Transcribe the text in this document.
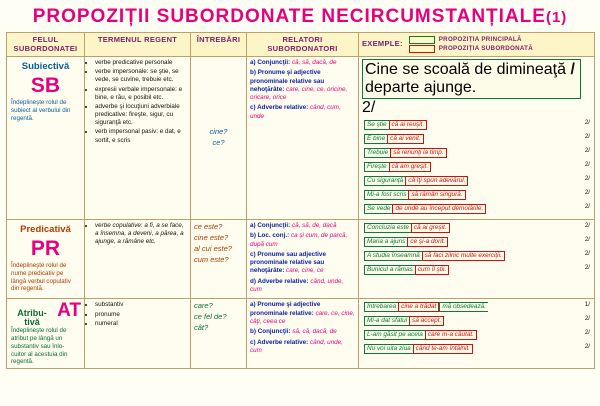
PROPOZIȚII SUBORDONATE NECIRCUMSTANȚIALE(1)
FELUL
SUBORDONATEI	TERMENUL REGENT	ÎNTREBĂRI	RELATORI
SUBORDONATORI	
EXEMPLE:	PROPOZIȚIA PRINCIPALĂ
PROPOZIȚIA SUBORDONATĂ

Subiectivă
SB
Îndeplineşte rolul de subiect al verbului din regentă.

• verbe predicative personale
• verbe impersonale: se ştie, se vede, se cuvine, trebuie etc.
• expresii verbale impersonale: e bine, e rău, e posibil etc.
• adverbe şi locuţiuni adverbiale predicative: fireşte, sigur, cu siguranţă etc.
• verb impersonal pasiv: e dat, e sortit, e scris

cine?
ce?

a) Conjuncţii: că, să, dacă, de

b) Pronume şi adjective pronominale relative sau nehoţărâte: care, cine, ce, oricine, oricare, orice

c) Adverbe relative: când, cum, unde

Cine se scoală de dimineaţă / departe ajunge.
2/
Se ştie că ai reuşit.	2/
E bine că ai venit.	2/
Trebuie să renunţi la timp.	2/
Fireşte că am greşit.	2/
Cu siguranţă că îţi spun adevărul.	2/
Mi-a fost scris să rămân singură.	2/
Se vede de unde au început demolările.	2/

Predicativă
PR
Îndeplineşte rolul de nume predicativ pe lângă verbul copulativ din regentă.

• verbe copulative: a fi, a se face, a însemna, a deveni, a părea, a ajunge, a rămâne etc.

ce este?
cine este?
al cui este?
cum este?

a) Conjuncţii: că, să, de, dacă

b) Loc. conj.: ca şi cum, de parcă, după cum

c) Pronume sau adjective pronominale relative sau nehoţărâte: care, cine, ce

d) Adverbe relative: când, unde, cum

Concluzia este că ai greşit.	2/
Maria a ajuns ce şi-a dorit.	2/
A studia înseamnă să faci zilnic multe exerciţii.	2/
Bunicul a rămas cum îl ştii.	2/

Atribu- tivă
AT
Îndeplineşte rolul de atribut pe lângă un substantiv sau înlo- cuitor al acestuia din regentă.

• substantiv
• pronume
• numeral

care?
ce fel de?
cât?

a) Pronume şi adjective pronominale relative: care, ce, cine, câţi, ceea ce

b) Conjuncţii: să, că, dacă, de

c) Adverbe relative: când, unde, cum

Întrebarea cine a trădat mă obsedează.	1/
Mi-a dat sfatul să accept.	2/
L-am găsit pe acela care m-a căutat.	2/
Nu voi uita ziua când te-am întâlnit.	2/
